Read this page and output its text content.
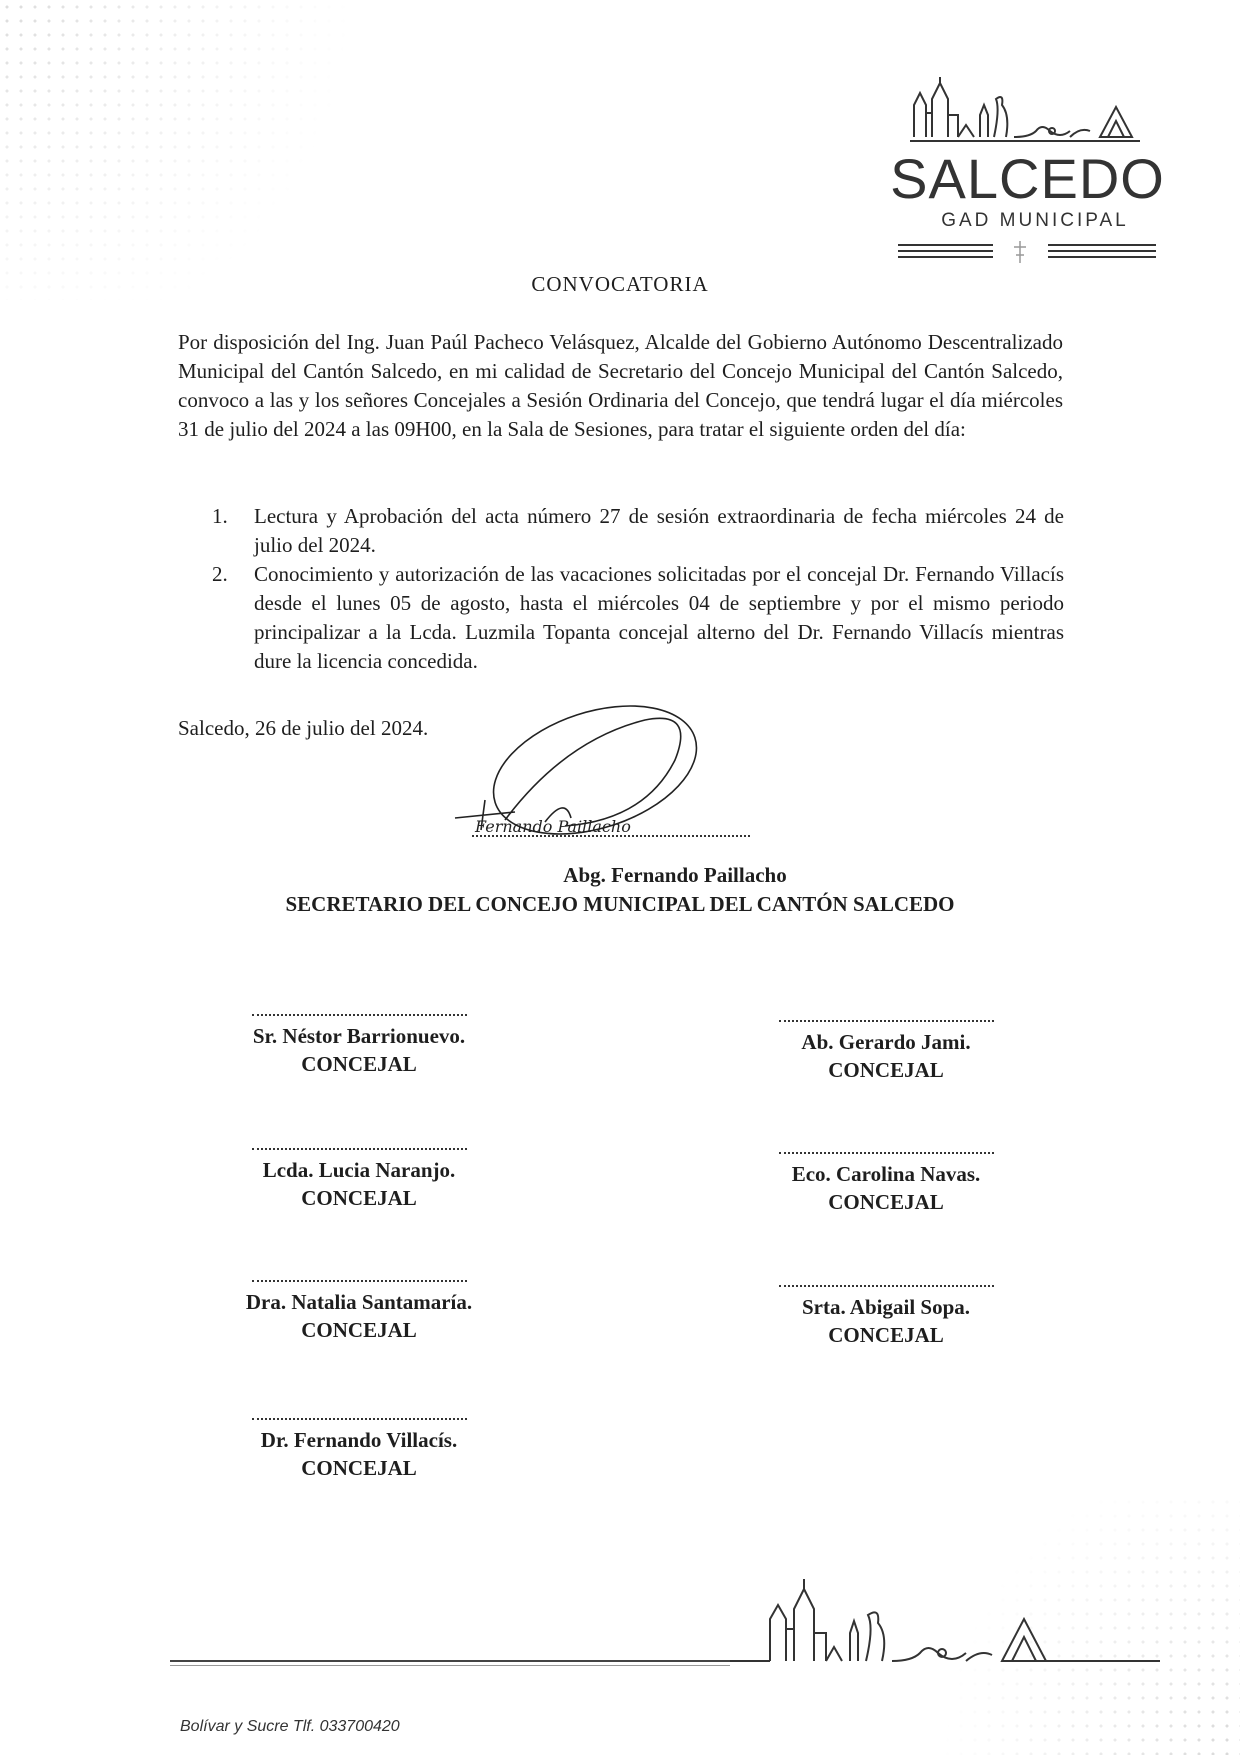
SALCEDO
GAD MUNICIPAL
CONVOCATORIA

Por disposición del Ing. Juan Paúl Pacheco Velásquez, Alcalde del Gobierno Autónomo Descentralizado Municipal del Cantón Salcedo, en mi calidad de Secretario del Concejo Municipal del Cantón Salcedo, convoco a las y los señores Concejales a Sesión Ordinaria del Concejo, que tendrá lugar el día miércoles 31 de julio del 2024 a las 09H00, en la Sala de Sesiones, para tratar el siguiente orden del día:

1. Lectura y Aprobación del acta número 27 de sesión extraordinaria de fecha miércoles 24 de julio del 2024.
2. Conocimiento y autorización de las vacaciones solicitadas por el concejal Dr. Fernando Villacís desde el lunes 05 de agosto, hasta el miércoles 04 de septiembre y por el mismo periodo principalizar a la Lcda. Luzmila Topanta concejal alterno del Dr. Fernando Villacís mientras dure la licencia concedida.
Salcedo, 26 de julio del 2024.
Fernando Paillacho
Abg. Fernando Paillacho
SECRETARIO DEL CONCEJO MUNICIPAL DEL CANTÓN SALCEDO
Sr. Néstor Barrionuevo.
CONCEJAL
Ab. Gerardo Jami.
CONCEJAL
Lcda. Lucia Naranjo.
CONCEJAL
Eco. Carolina Navas.
CONCEJAL
Dra. Natalia Santamaría.
CONCEJAL
Srta. Abigail Sopa.
CONCEJAL
Dr. Fernando Villacís.
CONCEJAL
Bolívar y Sucre Tlf. 033700420
